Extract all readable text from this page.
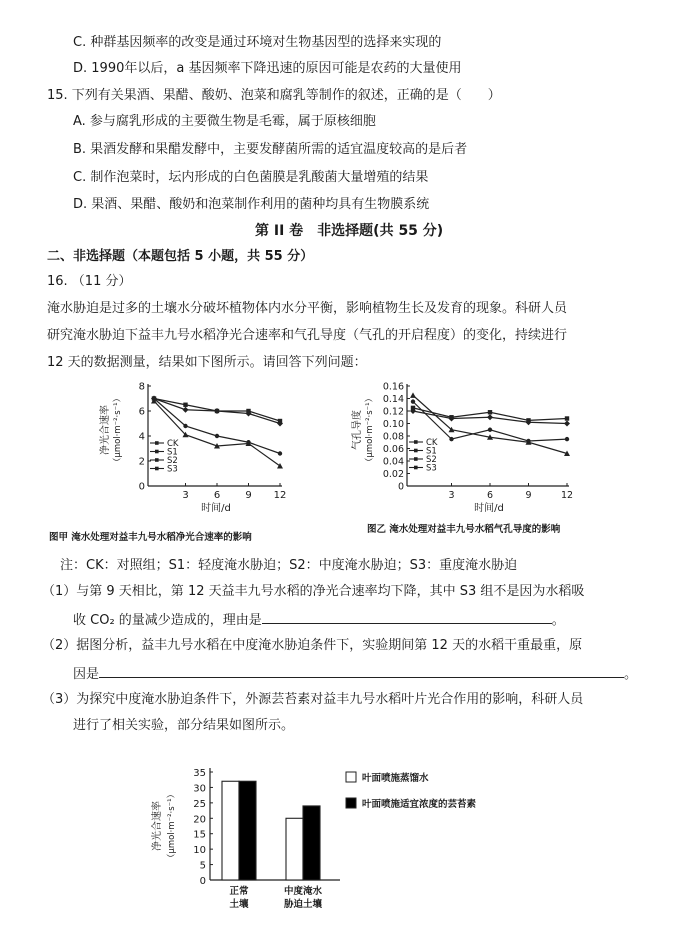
C. 种群基因频率的改变是通过环境对生物基因型的选择来实现的
D. 1990年以后，a 基因频率下降迅速的原因可能是农药的大量使用
15. 下列有关果酒、果醋、酸奶、泡菜和腐乳等制作的叙述，正确的是（　　）
A. 参与腐乳形成的主要微生物是毛霉，属于原核细胞
B. 果酒发酵和果醋发酵中，主要发酵菌所需的适宜温度较高的是后者
C. 制作泡菜时，坛内形成的白色菌膜是乳酸菌大量增殖的结果
D. 果酒、果醋、酸奶和泡菜制作利用的菌种均具有生物膜系统
第 II 卷　非选择题(共 55 分)
二、非选择题（本题包括 5 小题，共 55 分）
16. （11 分）
淹水胁迫是过多的土壤水分破坏植物体内水分平衡，影响植物生长及发育的现象。科研人员
研究淹水胁迫下益丰九号水稻净光合速率和气孔导度（气孔的开启程度）的变化，持续进行
12 天的数据测量，结果如下图所示。请回答下列问题：
0
2
4
6
8
3	6	9 12
时间/d
净光合速率 （μmol·m⁻²·s⁻¹）	CK
S1
S2
S3
0
0.02
0.04
0.06
0.08
0.10
0.12
0.14
0.16
3	6	9	12
时间/d
气孔导度 （μmol·m⁻²·s⁻¹）	CK
S1
S2
S3
图甲 淹水处理对益丰九号水稻净光合速率的影响
图乙 淹水处理对益丰九号水稻气孔导度的影响
注：CK：对照组；S1：轻度淹水胁迫；S2：中度淹水胁迫；S3：重度淹水胁迫
（1）与第 9 天相比，第 12 天益丰九号水稻的净光合速率均下降，其中 S3 组不是因为水稻吸
收 CO₂ 的量减少造成的，理由是	。
（2）据图分析，益丰九号水稻在中度淹水胁迫条件下，实验期间第 12 天的水稻干重最重，原
因是	。
（3）为探究中度淹水胁迫条件下，外源芸苔素对益丰九号水稻叶片光合作用的影响，科研人员
进行了相关实验，部分结果如图所示。
0
5
10
15
20
25
30
35
净光合速率 （μmol·m⁻²·s⁻¹）
正常
土壤
中度淹水
胁迫土壤
叶面喷施蒸馏水
叶面喷施适宜浓度的芸苔素
